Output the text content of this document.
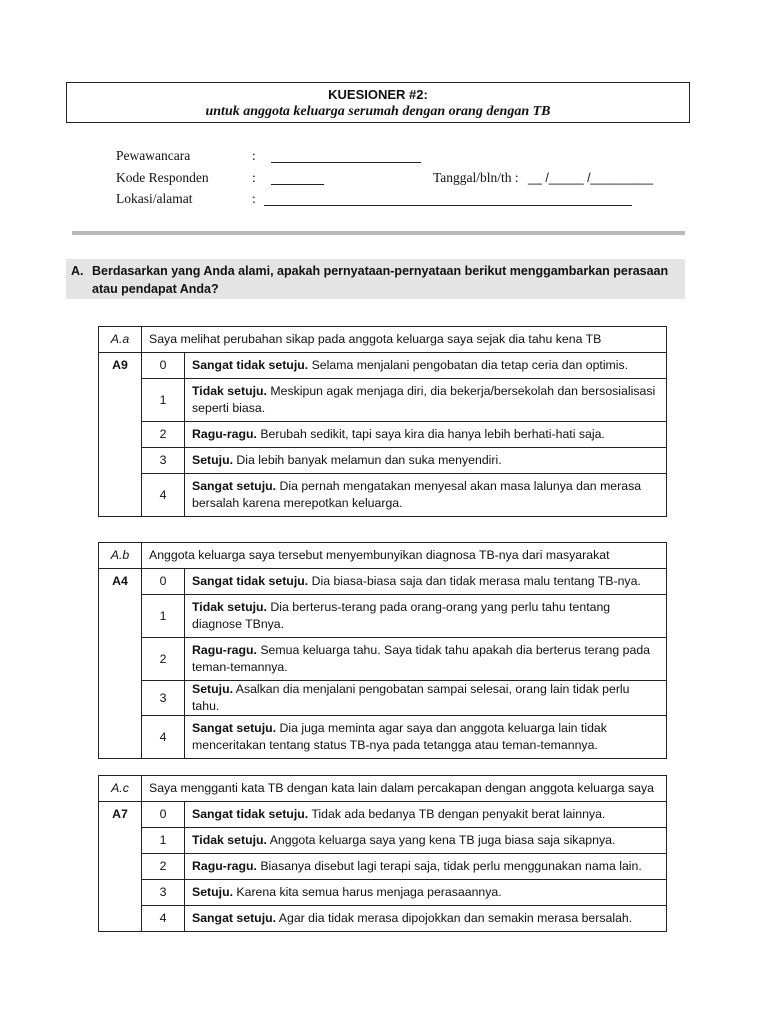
KUESIONER #2:
untuk anggota keluarga serumah dengan orang dengan TB
Pewawancara	:
Kode Responden	:	Tanggal/bln/th : __ /_____ /_________
Lokasi/alamat	:
A. Berdasarkan yang Anda alami, apakah pernyataan-pernyataan berikut menggambarkan perasaan atau pendapat Anda?
A.a	Saya melihat perubahan sikap pada anggota keluarga saya sejak dia tahu kena TB	
A9	0	Sangat tidak setuju. Selama menjalani pengobatan dia tetap ceria dan optimis.
	1	Tidak setuju. Meskipun agak menjaga diri, dia bekerja/bersekolah dan bersosialisasi seperti biasa.
	2	Ragu-ragu. Berubah sedikit, tapi saya kira dia hanya lebih berhati-hati saja.
	3	Setuju. Dia lebih banyak melamun dan suka menyendiri.
	4	Sangat setuju. Dia pernah mengatakan menyesal akan masa lalunya dan merasa bersalah karena merepotkan keluarga.
A.b	Anggota keluarga saya tersebut menyembunyikan diagnosa TB-nya dari masyarakat	
A4	0	Sangat tidak setuju. Dia biasa-biasa saja dan tidak merasa malu tentang TB-nya.
	1	Tidak setuju. Dia berterus-terang pada orang-orang yang perlu tahu tentang diagnose TBnya.
	2	Ragu-ragu. Semua keluarga tahu. Saya tidak tahu apakah dia berterus terang pada teman-temannya.
	3	Setuju. Asalkan dia menjalani pengobatan sampai selesai, orang lain tidak perlu tahu.
	4	Sangat setuju. Dia juga meminta agar saya dan anggota keluarga lain tidak menceritakan tentang status TB-nya pada tetangga atau teman-temannya.
A.c	Saya mengganti kata TB dengan kata lain dalam percakapan dengan anggota keluarga saya	
A7	0	Sangat tidak setuju. Tidak ada bedanya TB dengan penyakit berat lainnya.
	1	Tidak setuju. Anggota keluarga saya yang kena TB juga biasa saja sikapnya.
	2	Ragu-ragu. Biasanya disebut lagi terapi saja, tidak perlu menggunakan nama lain.
	3	Setuju. Karena kita semua harus menjaga perasaannya.
	4	Sangat setuju. Agar dia tidak merasa dipojokkan dan semakin merasa bersalah.
